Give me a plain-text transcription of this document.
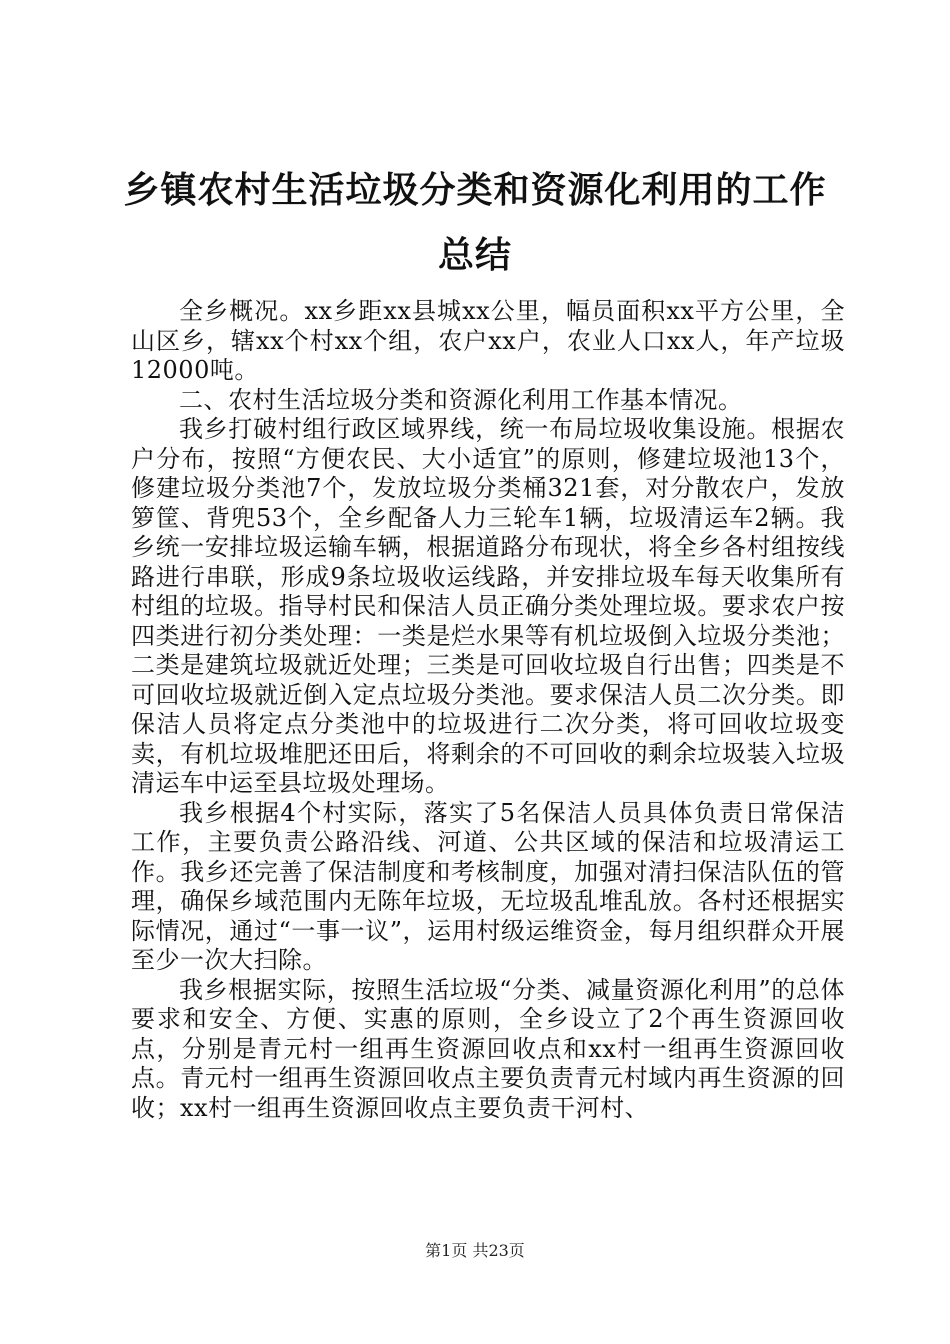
乡镇农村生活垃圾分类和资源化利用的工作总结

全乡概况。xx乡距xx县城xx公里，幅员面积xx平方公里，全山区乡，辖xx个村xx个组，农户xx户，农业人口xx人，年产垃圾12000吨。

二、农村生活垃圾分类和资源化利用工作基本情况。

我乡打破村组行政区域界线，统一布局垃圾收集设施。根据农户分布，按照“方便农民、大小适宜”的原则，修建垃圾池13个，修建垃圾分类池7个，发放垃圾分类桶321套，对分散农户，发放箩筐、背兜53个，全乡配备人力三轮车1辆，垃圾清运车2辆。我乡统一安排垃圾运输车辆，根据道路分布现状，将全乡各村组按线路进行串联，形成9条垃圾收运线路，并安排垃圾车每天收集所有村组的垃圾。指导村民和保洁人员正确分类处理垃圾。要求农户按四类进行初分类处理：一类是烂水果等有机垃圾倒入垃圾分类池；二类是建筑垃圾就近处理；三类是可回收垃圾自行出售；四类是不可回收垃圾就近倒入定点垃圾分类池。要求保洁人员二次分类。即保洁人员将定点分类池中的垃圾进行二次分类，将可回收垃圾变卖，有机垃圾堆肥还田后，将剩余的不可回收的剩余垃圾装入垃圾清运车中运至县垃圾处理场。

我乡根据4个村实际，落实了5名保洁人员具体负责日常保洁工作，主要负责公路沿线、河道、公共区域的保洁和垃圾清运工作。我乡还完善了保洁制度和考核制度，加强对清扫保洁队伍的管理，确保乡域范围内无陈年垃圾，无垃圾乱堆乱放。各村还根据实际情况，通过“一事一议”，运用村级运维资金，每月组织群众开展至少一次大扫除。

我乡根据实际，按照生活垃圾“分类、减量资源化利用”的总体要求和安全、方便、实惠的原则，全乡设立了2个再生资源回收点，分别是青元村一组再生资源回收点和xx村一组再生资源回收点。青元村一组再生资源回收点主要负责青元村域内再生资源的回收；xx村一组再生资源回收点主要负责干河村、

第1页 共23页
